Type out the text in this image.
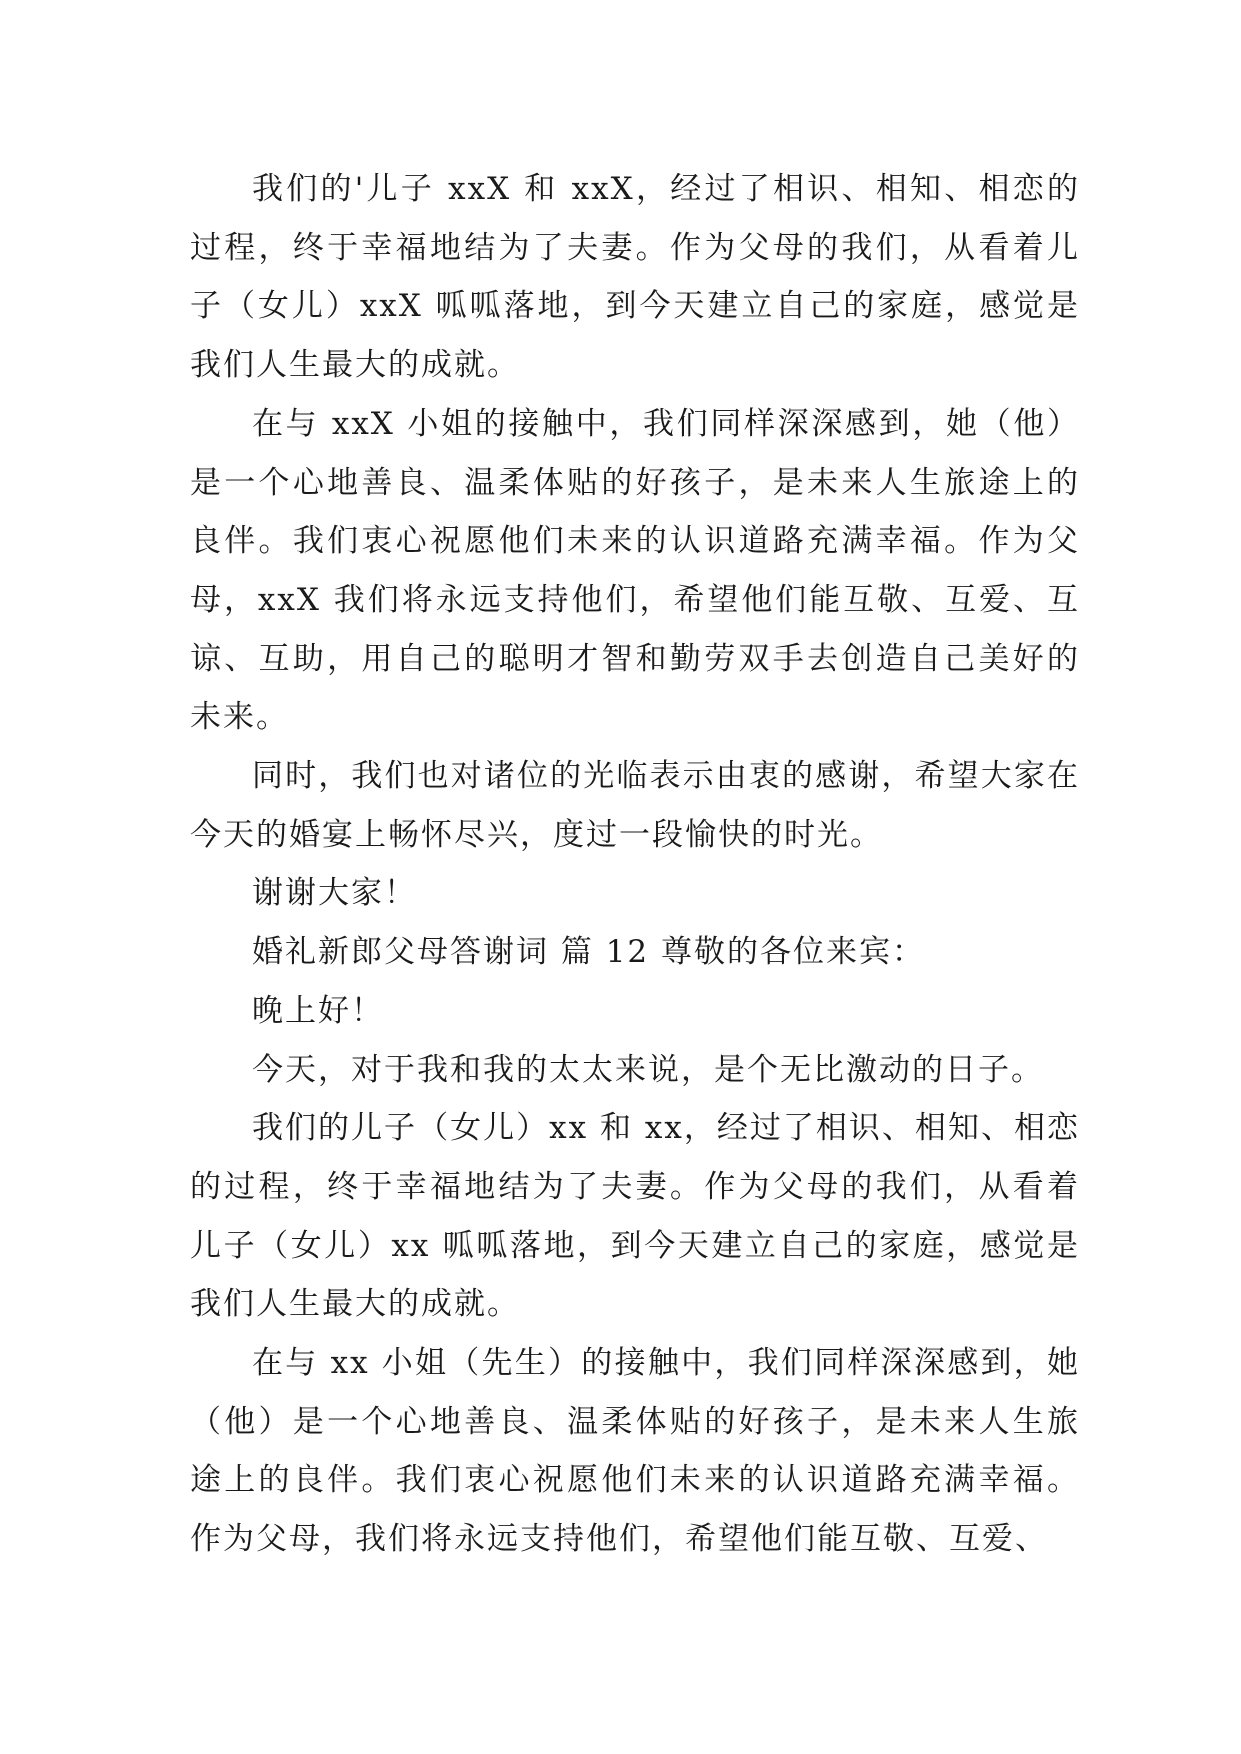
我们的'儿子 xxX 和 xxX，经过了相识、相知、相恋的过程，终于幸福地结为了夫妻。作为父母的我们，从看着儿子（女儿）xxX 呱呱落地，到今天建立自己的家庭，感觉是我们人生最大的成就。

在与 xxX 小姐的接触中，我们同样深深感到，她（他）是一个心地善良、温柔体贴的好孩子，是未来人生旅途上的良伴。我们衷心祝愿他们未来的认识道路充满幸福。作为父母，xxX 我们将永远支持他们，希望他们能互敬、互爱、互谅、互助，用自己的聪明才智和勤劳双手去创造自己美好的未来。

同时，我们也对诸位的光临表示由衷的感谢，希望大家在今天的婚宴上畅怀尽兴，度过一段愉快的时光。

谢谢大家！

婚礼新郎父母答谢词 篇 12 尊敬的各位来宾：

晚上好！

今天，对于我和我的太太来说，是个无比激动的日子。

我们的儿子（女儿）xx 和 xx，经过了相识、相知、相恋的过程，终于幸福地结为了夫妻。作为父母的我们，从看着儿子（女儿）xx 呱呱落地，到今天建立自己的家庭，感觉是我们人生最大的成就。

在与 xx 小姐（先生）的接触中，我们同样深深感到，她（他）是一个心地善良、温柔体贴的好孩子，是未来人生旅途上的良伴。我们衷心祝愿他们未来的认识道路充满幸福。作为父母，我们将永远支持他们，希望他们能互敬、互爱、
